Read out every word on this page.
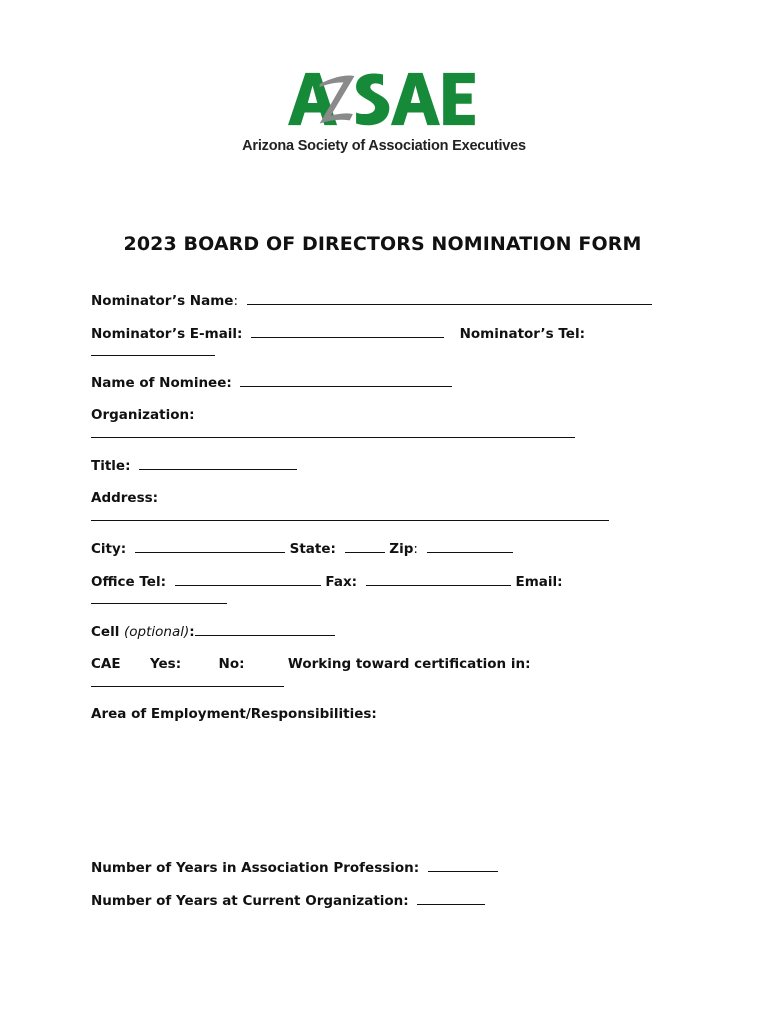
Arizona Society of Association Executives
2023 BOARD OF DIRECTORS NOMINATION FORM
Nominator’s Name:
Nominator’s E-mail:	Nominator’s Tel:
Name of Nominee:
Organization:
Title:
Address:
City:	State:	Zip:
Office Tel:	Fax:	Email:
Cell (optional):
CAE Yes:	No:	Working toward certification in:
Area of Employment/Responsibilities:
Number of Years in Association Profession:
Number of Years at Current Organization:
